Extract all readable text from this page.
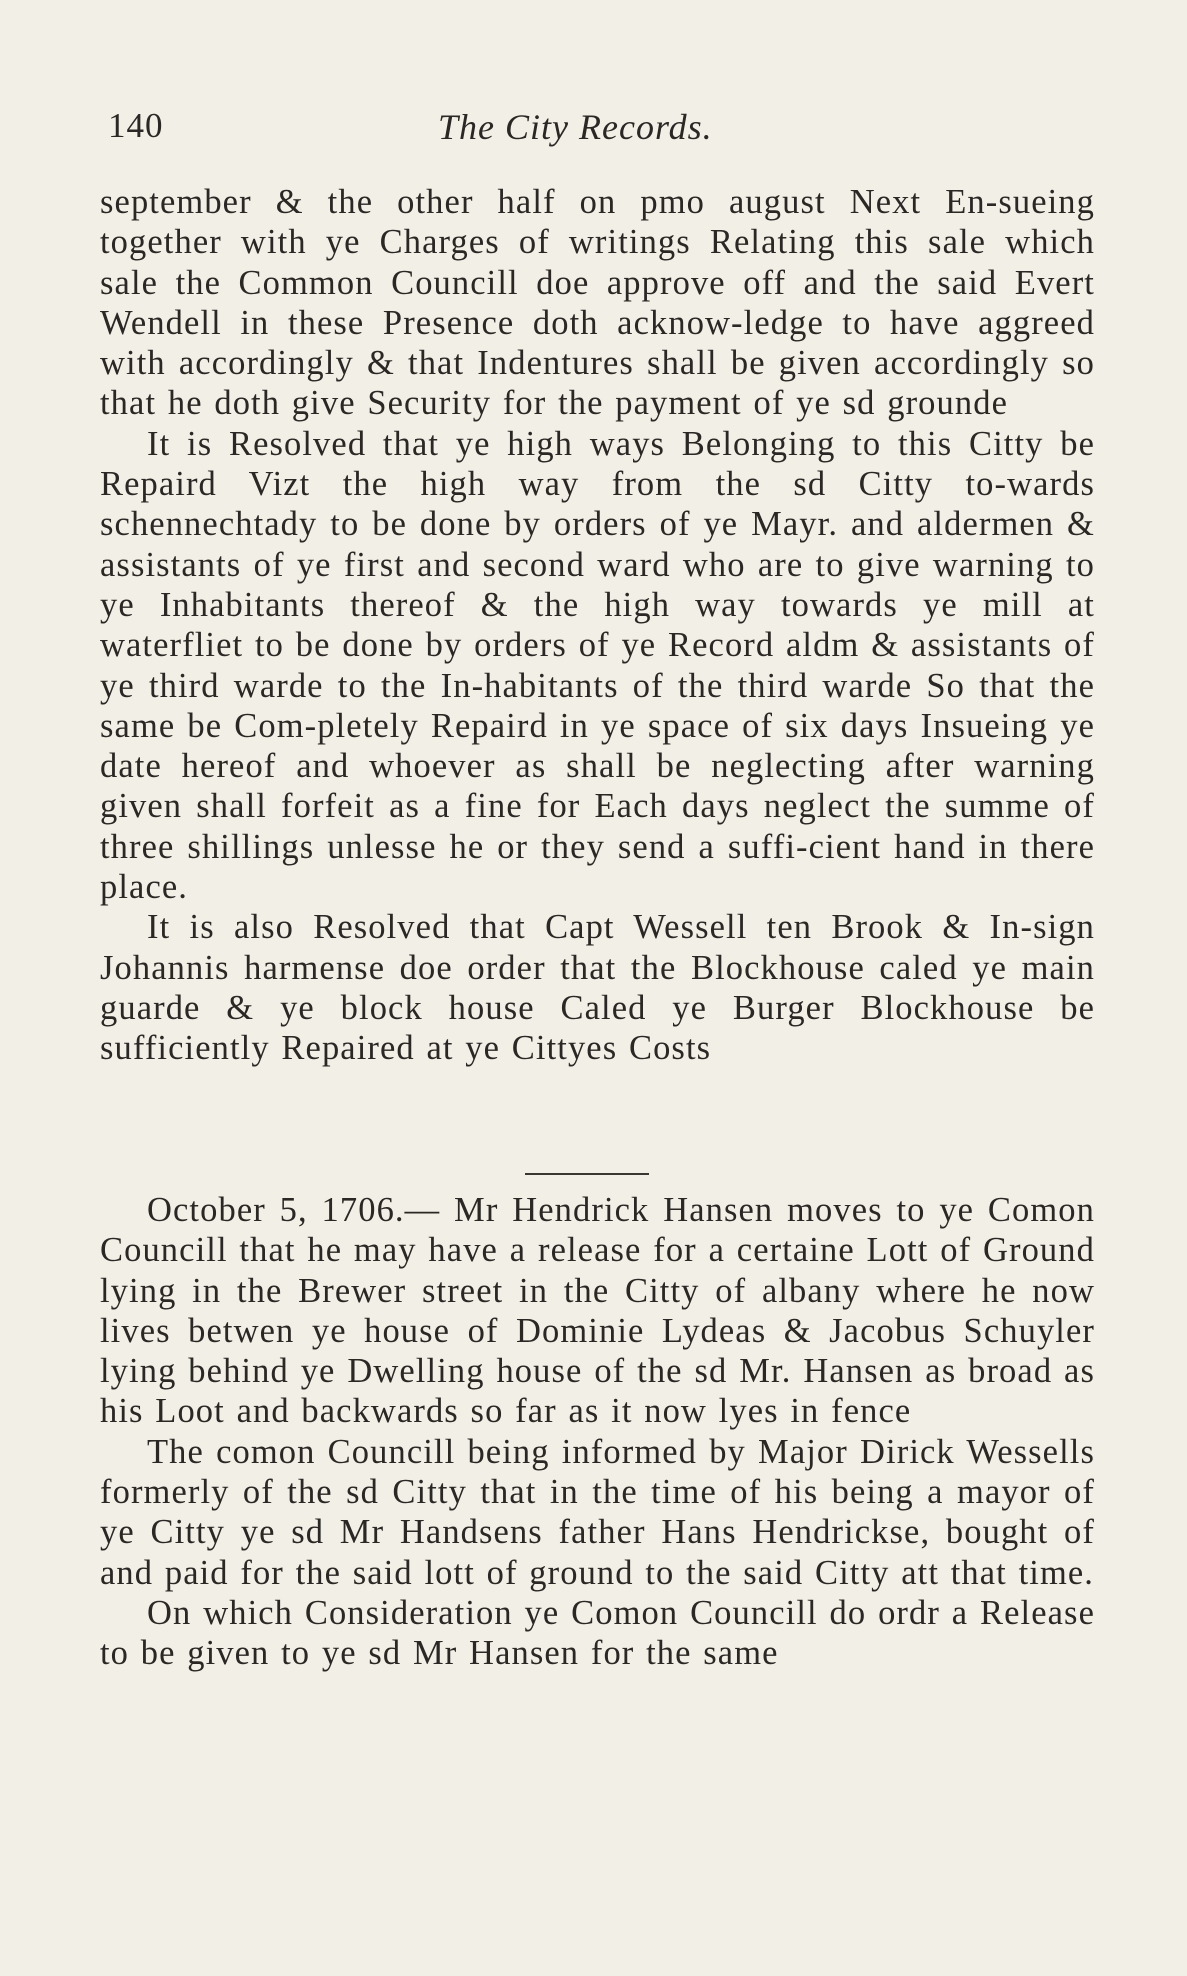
140	The City Records.

september & the other half on pmo august Next En-sueing together with ye Charges of writings Relating this sale which sale the Common Councill doe approve off and the said Evert Wendell in these Presence doth acknow-ledge to have aggreed with accordingly & that Indentures shall be given accordingly so that he doth give Security for the payment of ye sd grounde

It is Resolved that ye high ways Belonging to this Citty be Repaird Vizt the high way from the sd Citty to-wards schennechtady to be done by orders of ye Mayr. and aldermen & assistants of ye first and second ward who are to give warning to ye Inhabitants thereof & the high way towards ye mill at waterfliet to be done by orders of ye Record aldm & assistants of ye third warde to the In-habitants of the third warde So that the same be Com-pletely Repaird in ye space of six days Insueing ye date hereof and whoever as shall be neglecting after warning given shall forfeit as a fine for Each days neglect the summe of three shillings unlesse he or they send a suffi-cient hand in there place.

It is also Resolved that Capt Wessell ten Brook & In-sign Johannis harmense doe order that the Blockhouse caled ye main guarde & ye block house Caled ye Burger Blockhouse be sufficiently Repaired at ye Cittyes Costs

October 5, 1706.— Mr Hendrick Hansen moves to ye Comon Councill that he may have a release for a certaine Lott of Ground lying in the Brewer street in the Citty of albany where he now lives betwen ye house of Dominie Lydeas & Jacobus Schuyler lying behind ye Dwelling house of the sd Mr. Hansen as broad as his Loot and backwards so far as it now lyes in fence

The comon Councill being informed by Major Dirick Wessells formerly of the sd Citty that in the time of his being a mayor of ye Citty ye sd Mr Handsens father Hans Hendrickse, bought of and paid for the said lott of ground to the said Citty att that time.

On which Consideration ye Comon Councill do ordr a Release to be given to ye sd Mr Hansen for the same
